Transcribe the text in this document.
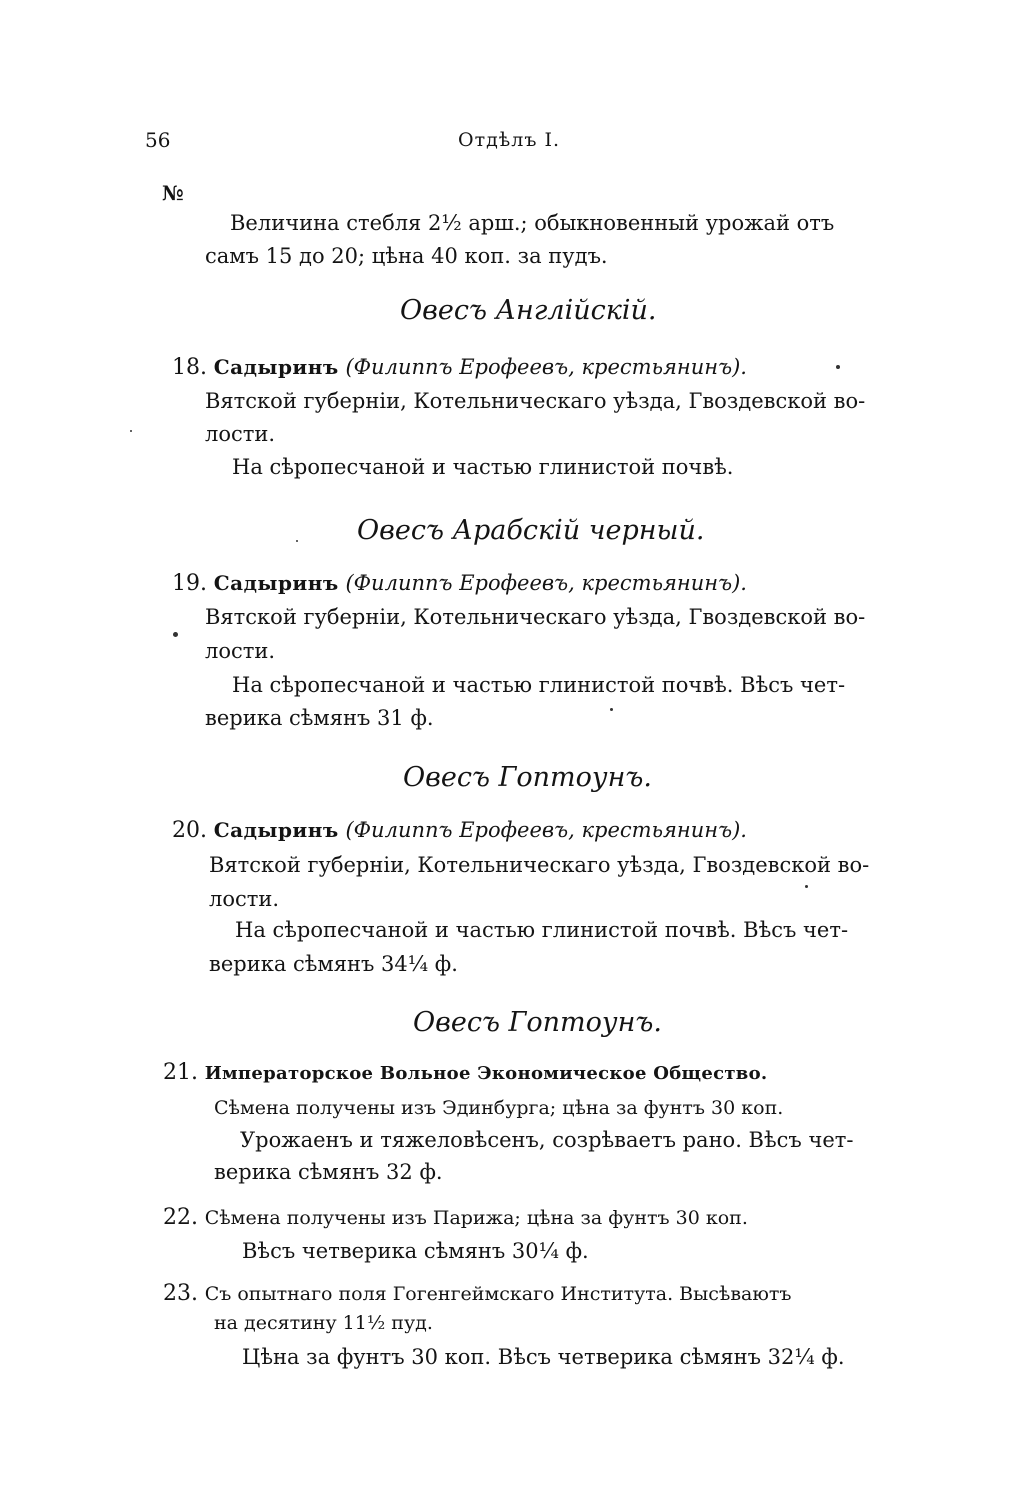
56	Отдѣлъ I.
№
Величина стебля 2½ арш.; обыкновенный урожай отъ
самъ 15 до 20; цѣна 40 коп. за пудъ.
Овесъ Англійскій.
18. Садыринъ (Филиппъ Ерофеевъ, крестьянинъ).
Вятской губерніи, Котельническаго уѣзда, Гвоздевской во-
лости.
На сѣропесчаной и частью глинистой почвѣ.
Овесъ Арабскій черный.
19. Садыринъ (Филиппъ Ерофеевъ, крестьянинъ).
Вятской губерніи, Котельническаго уѣзда, Гвоздевской во-
лости.
На сѣропесчаной и частью глинистой почвѣ. Вѣсъ чет-
верика сѣмянъ 31 ф.
Овесъ Гоптоунъ.
20. Садыринъ (Филиппъ Ерофеевъ, крестьянинъ).
Вятской губерніи, Котельническаго уѣзда, Гвоздевской во-
лости.
На сѣропесчаной и частью глинистой почвѣ. Вѣсъ чет-
верика сѣмянъ 34¼ ф.
Овесъ Гоптоунъ.
21. Императорское Вольное Экономическое Общество.
Сѣмена получены изъ Эдинбурга; цѣна за фунтъ 30 коп.
Урожаенъ и тяжеловѣсенъ, созрѣваетъ рано. Вѣсъ чет-
верика сѣмянъ 32 ф.
22. Сѣмена получены изъ Парижа; цѣна за фунтъ 30 коп.
Вѣсъ четверика сѣмянъ 30¼ ф.
23. Съ опытнаго поля Гогенгеймскаго Института. Высѣваютъ
на десятину 11½ пуд.
Цѣна за фунтъ 30 коп. Вѣсъ четверика сѣмянъ 32¼ ф.
